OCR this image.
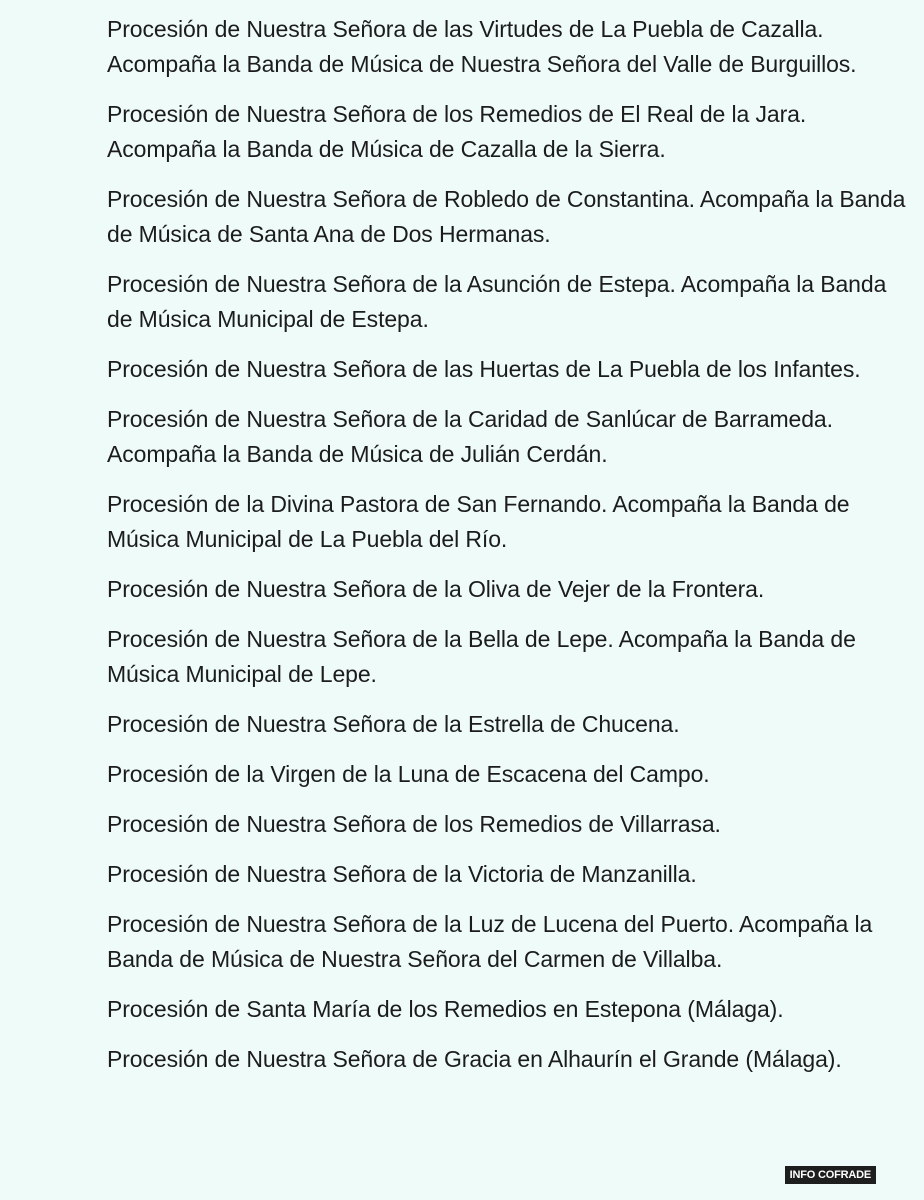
Procesión de Nuestra Señora de las Virtudes de La Puebla de Cazalla. Acompaña la Banda de Música de Nuestra Señora del Valle de Burguillos.

Procesión de Nuestra Señora de los Remedios de El Real de la Jara. Acompaña la Banda de Música de Cazalla de la Sierra.

Procesión de Nuestra Señora de Robledo de Constantina. Acompaña la Banda de Música de Santa Ana de Dos Hermanas.

Procesión de Nuestra Señora de la Asunción de Estepa. Acompaña la Banda de Música Municipal de Estepa.

Procesión de Nuestra Señora de las Huertas de La Puebla de los Infantes.

Procesión de Nuestra Señora de la Caridad de Sanlúcar de Barrameda. Acompaña la Banda de Música de Julián Cerdán.

Procesión de la Divina Pastora de San Fernando. Acompaña la Banda de Música Municipal de La Puebla del Río.

Procesión de Nuestra Señora de la Oliva de Vejer de la Frontera.

Procesión de Nuestra Señora de la Bella de Lepe. Acompaña la Banda de Música Municipal de Lepe.

Procesión de Nuestra Señora de la Estrella de Chucena.

Procesión de la Virgen de la Luna de Escacena del Campo.

Procesión de Nuestra Señora de los Remedios de Villarrasa.

Procesión de Nuestra Señora de la Victoria de Manzanilla.

Procesión de Nuestra Señora de la Luz de Lucena del Puerto. Acompaña la Banda de Música de Nuestra Señora del Carmen de Villalba.

Procesión de Santa María de los Remedios en Estepona (Málaga).

Procesión de Nuestra Señora de Gracia en Alhaurín el Grande (Málaga).

INFO COFRADE
